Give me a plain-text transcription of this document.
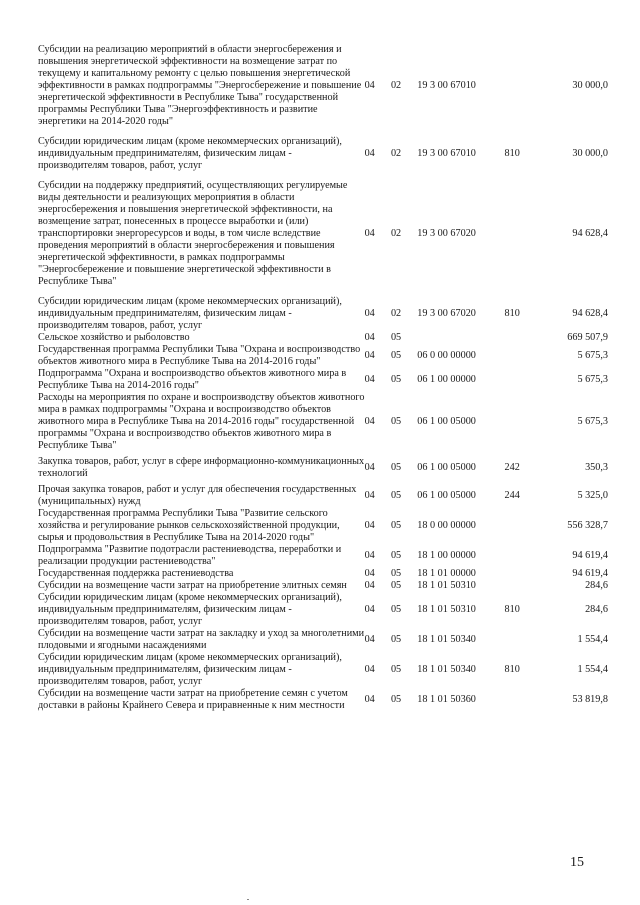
Субсидии на реализацию мероприятий в области энергосбережения и повышения энергетической эффективности на возмещение затрат по текущему и капитальному ремонту с целью повышения энергетической эффективности в рамках подпрограммы "Энергосбережение и повышение энергетической эффективности в Республике Тыва" государственной программы Республики Тыва "Энергоэффективность и развитие энергетики на 2014-2020 годы"	04	02	19 3 00 67010		30 000,0

Субсидии юридическим лицам (кроме некоммерческих организаций), индивидуальным предпринимателям, физическим лицам - производителям товаров, работ, услуг	04	02	19 3 00 67010	810	30 000,0

Субсидии на поддержку предприятий, осуществляющих регулируемые виды деятельности и реализующих мероприятия в области энергосбережения и повышения энергетической эффективности, на возмещение затрат, понесенных в процессе выработки и (или) транспортировки энергоресурсов и воды, в том числе вследствие проведения мероприятий в области энергосбережения и повышения энергетической эффективности, в рамках подпрограммы "Энергосбережение и повышение энергетической эффективности в Республике Тыва"	04	02	19 3 00 67020		94 628,4

Субсидии юридическим лицам (кроме некоммерческих организаций), индивидуальным предпринимателям, физическим лицам - производителям товаров, работ, услуг	04	02	19 3 00 67020	810	94 628,4
Сельское хозяйство и рыболовство	04	05			669 507,9
Государственная программа Республики Тыва "Охрана и воспроизводство объектов животного мира в Республике Тыва на 2014-2016 годы"	04	05	06 0 00 00000		5 675,3
Подпрограмма "Охрана и воспроизводство объектов животного мира в Республике Тыва на 2014-2016 годы"	04	05	06 1 00 00000		5 675,3
Расходы на мероприятия по охране и воспроизводству объектов животного мира в рамках подпрограммы "Охрана и воспроизводство объектов животного мира в Республике Тыва на 2014-2016 годы" государственной программы "Охрана и воспроизводство объектов животного мира в Республике Тыва"	04	05	06 1 00 05000		5 675,3

Закупка товаров, работ, услуг в сфере информационно-коммуникационных технологий	04	05	06 1 00 05000	242	350,3

Прочая закупка товаров, работ и услуг для обеспечения государственных (муниципальных) нужд	04	05	06 1 00 05000	244	5 325,0
Государственная программа Республики Тыва "Развитие сельского хозяйства и регулирование рынков сельскохозяйственной продукции, сырья и продовольствия в Республике Тыва на 2014-2020 годы"	04	05	18 0 00 00000		556 328,7
Подпрограмма "Развитие подотрасли растениеводства, переработки и реализации продукции растениеводства"	04	05	18 1 00 00000		94 619,4
Государственная поддержка растениеводства	04	05	18 1 01 00000		94 619,4
Субсидии на возмещение части затрат на приобретение элитных семян	04	05	18 1 01 50310		284,6
Субсидии юридическим лицам (кроме некоммерческих организаций), индивидуальным предпринимателям, физическим лицам - производителям товаров, работ, услуг	04	05	18 1 01 50310	810	284,6
Субсидии на возмещение части затрат на закладку и уход за многолетними плодовыми и ягодными насаждениями	04	05	18 1 01 50340		1 554,4
Субсидии юридическим лицам (кроме некоммерческих организаций), индивидуальным предпринимателям, физическим лицам - производителям товаров, работ, услуг	04	05	18 1 01 50340	810	1 554,4
Субсидии на возмещение части затрат на приобретение семян с учетом доставки в районы Крайнего Севера и приравненные к ним местности	04	05	18 1 01 50360		53 819,8
15
